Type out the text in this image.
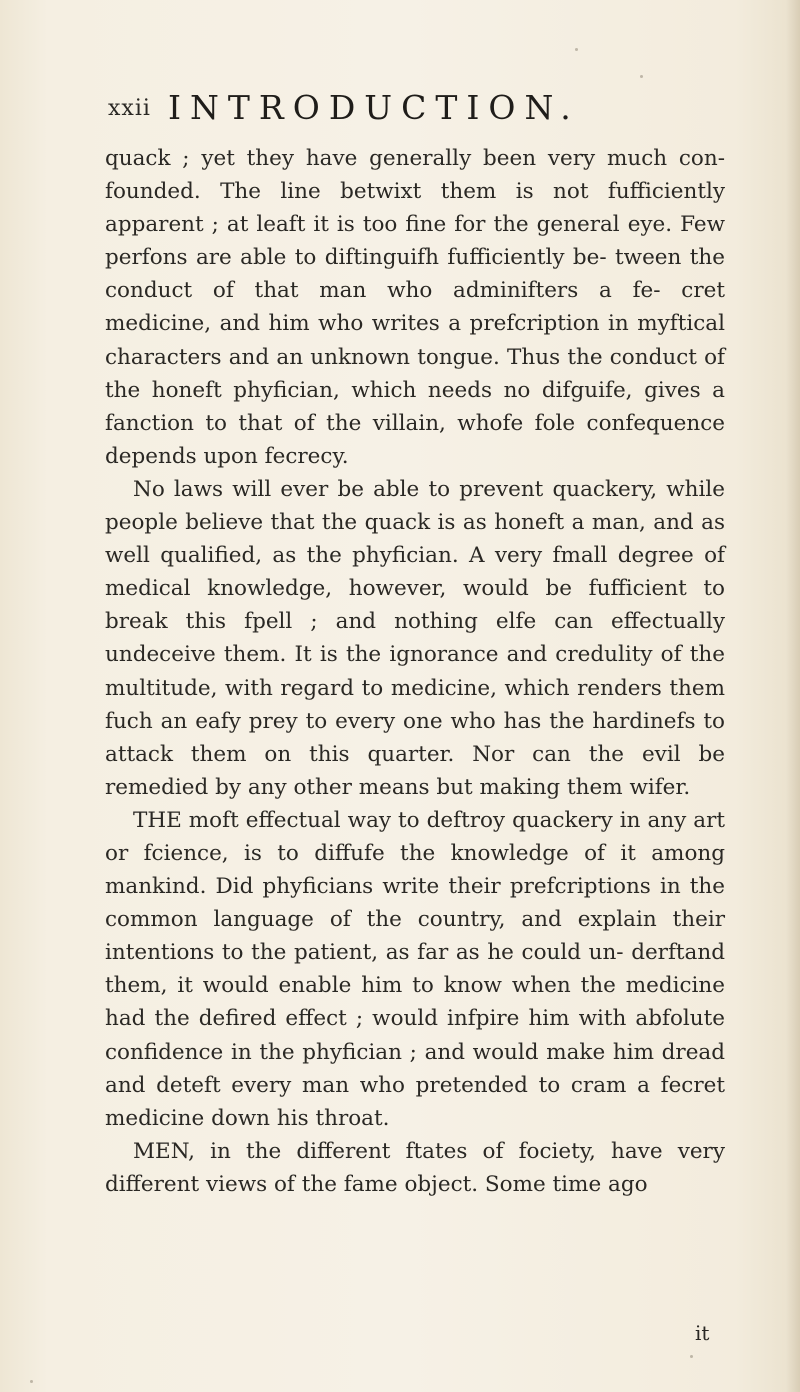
xxii INTRODUCTION.

quack ; yet they have generally been very much con- founded. The line betwixt them is not fufficiently apparent ; at leaft it is too fine for the general eye. Few perfons are able to diftinguifh fufficiently be- tween the conduct of that man who adminifters a fe- cret medicine, and him who writes a prefcription in myftical characters and an unknown tongue. Thus the conduct of the honeft phyfician, which needs no difguife, gives a fanction to that of the villain, whofe fole confequence depends upon fecrecy.

No laws will ever be able to prevent quackery, while people believe that the quack is as honeft a man, and as well qualified, as the phyfician. A very fmall degree of medical knowledge, however, would be fufficient to break this fpell ; and nothing elfe can effectually undeceive them. It is the ignorance and credulity of the multitude, with regard to medicine, which renders them fuch an eafy prey to every one who has the hardinefs to attack them on this quarter. Nor can the evil be remedied by any other means but making them wifer.

THE moft effectual way to deftroy quackery in any art or fcience, is to diffufe the knowledge of it among mankind. Did phyficians write their prefcriptions in the common language of the country, and explain their intentions to the patient, as far as he could un- derftand them, it would enable him to know when the medicine had the defired effect ; would infpire him with abfolute confidence in the phyfician ; and would make him dread and deteft every man who pretended to cram a fecret medicine down his throat.

MEN, in the different ftates of fociety, have very different views of the fame object. Some time ago

it
